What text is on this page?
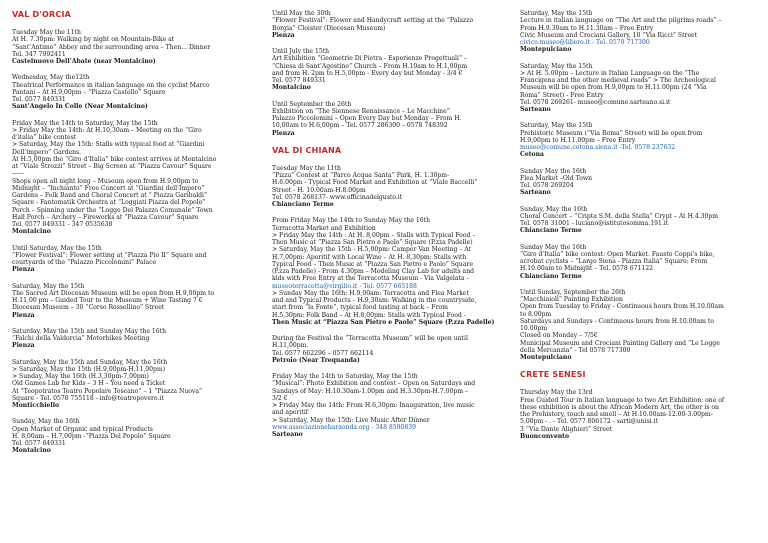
VAL D'ORCIA
Tuesday May the 11th
At H. 7.30pm: Walking by night on Mountain-Bike at
“Sant’Antimo” Abbey and the surrounding area – Then... Dinner
Tel. 347 7992411
Castelnuovo Dell’Abate (near Montalcino)
Wednesday, May the12th
Theatrical Performance in italian language on the cyclist Marco
Pantani – At H.9,00pm – “Piazza Castello” Square
Tel. 0577 849331
Sant’Angelo In Colle (Near Montalcino)
Friday May the 14th to Saturday, May the 15th
> Friday May the 14th: At H.10,30am – Meeting on the “Giro
d’italia” bike contest
> Saturday, May the 15th: Stalls with typical food at “Giardini
Dell’impero” Gardens.
At H.5,00pm the “Giro d’Italia” bike contest arrives at Montalcino
at “Viale Strozzi” Street – Big Screen at “Piazza Cavour” Square
------
Shops open all night long – Museum open from H.9,00pm to
Midnight – “Inchianto” Free Concert at “Giardini dell’Impero”
Gardens – Folk Band and Choral Concert at “ Piazza Garibaldi”
Square - Fantomatik Orchestra at “Loggiati Piazza del Popolo”
Porch – Spinning under the “Logge Del Palazzo Comunale” Town
Hall Porch – Archery – Fireworks at “Piazza Cavour” Square
Tel. 0577 849331 - 347 0535638
Montalcino
Until Saturday, May the 15th
“Flower Festival”: Flower setting at “Piazza Pio II” Square and
courtyards of the “Palazzo Piccolomini” Palace
Pienza
Saturday, May the 15th
The Sacred Art Diocesan Museum will be open from H.9,00pm to
H.11,00 pm – Guided Tour to the Museum + Wine Tasting 7 €
Diocesan Museum – 30 “Corso Rossellino” Street
Pienza
Saturday, May the 15th and Sunday May the 16th
“Falchi della Valdorcia” Motorbikes Meeting
Pienza
Saturday, May the 15th and Sunday, May the 16th
> Saturday, May the 15th (H.9,00pm-H.11,00pm)
> Sunday, May the 16th (H.3,30pm-7,00pm)
Old Games Lab for Kids – 3 H – You need a Ticket
At “Teopotratos Teatro Popolare Toscano” – 1 “Piazza Nuova”
Square - Tel. 0578 755118 - info@teatropovero.it
Monticchiello
Sunday, May the 16th
Open Market of Organic and typical Products
H. 8,00am – H.7,00pm -“Piazza Del Popolo” Square
Tel. 0577 849331
Montalcino
Until May the 30th
“Flower Festival”: Flower and Handycraft setting at the “Palazzo
Borgia” Cloister (Diocesan Museum)
Pienza
Until July the 15th
Art Exhibition “Geometrie Di Pietra - Esperienze Progettuali” –
“Chiesa di Sant’Agostino” Church – From H.10am to H.1,00pm
and from H. 2pm to H.5,00pm - Every day but Monday - 3/4 €
Tel. 0577 849331
Montalcino
Until September the 26th
Exhibition on “The Siennese Renaissance – Le Macchine”
Palazzo Piccolomini – Open Every Day but Monday – From H.
10,00am to H.6,00pm – Tel. 0577 286300 – 0578 748392
Pienza
VAL DI CHIANA
Tuesday May the 11th
“Pizza” Contest at “Parco Acqua Santa” Park, H. 1.30pm-
H.6.00pm - Typical Food Market and Exhibition at “Viale Baccelli”
Street - H. 10.00am-H.8.00pm
Tel. 0578 268137- www.officinadelgusto.it
Chianciano Terme
From Friday May the 14th to Sunday May the 16th
Terracotta Market and Exhibition
> Friday May the 14th : At H. 8,00pm – Stalls with Typical Food –
Then Music at “Piazza San Pietro e Paolo” Square (P.zza Padelle)
> Saturday, May the 15th - H.5,00pm: Camper Van Meeting – At
H.7,00pm: Aperitif with Local Wine – At H. 8,30pm: Stalls with
Typical Food – Then Music at “Piazza San Pietro e Paolo” Square
(P.zza Padelle) - From 4.30pm – Modeling Clay Lab for adults and
kids with Free Entry at the Terracotta Museum - Via Valgelata -
museoterracotta@virgilio.it - Tel. 0577 665188
> Sunday May the 16th: H.9,00am: Terracotta and Flea Market
and and Typical Products – H.9,30am: Walking in the countryside,
start from “la Fonte”, typical food tasting at back – From
H.5,30pm: Folk Band – At H.8,00pm: Stalls with Typical Food -
Then Music at “Piazza San Pietro e Paolo” Square (P.zza Padelle)
During the Festival the “Terracotta Museum” will be open until
H.11,00pm.
Tel. 0577 662296 – 0577 662114
Petroio (Near Trequanda)
Friday May the 14th to Saturday, May the 15th
“Musical”: Photo Exhibition and contest – Open on Saturdays and
Sundays of May: H.10.30am-1.00pm and H.3.30pm-H.7.00pm –
3/2 €
> Friday May the 14th: From H.6,30pm: Inauguration, live music
and aperitif
> Saturday, May the 15th: Live Music After Dinner
www.associazionebaraonda.org - 348 8590839
Sarteano
Saturday, May the 15th
Lecture in italian language on “The Art and the pilgrims roads” –
From H.9.30am to H.11.30am – Free Entry
Civic Museum and Crociani Gallery, 10 “Via Ricci” Street
civico.museo@libero.it - Tel. 0578 717300
Montepulciano
Saturday, May the 15th
> At H. 5.00pm – Lecture in Italian Language on the “The
Francigena and the other medieval roads” > The Archeological
Museum will be open from H.9,00pm to H.11.00pm (24 “Via
Roma” Street) - Free Entry
Tel. 0578 269261- museo@comune.sarteano.si.it
Sarteano
Saturday, May the 15th
Prehistoric Museum (“Via Roma” Street) will be open from
H.9,00pm to H.11.00pm – Free Entry
museo@comune.cetona.siena.it -Tel. 0578 237632
Cetona
Sunday May the 16th
Flea Market –Old Town
Tel. 0578 269204
Sarteano
Sunday, May the 16th
Choral Concert – “Cripta S.M. della Stella” Crypt – At H.4.30pm
Tel. 0578 31001 - luciano@istitutosomma.191.it
Chianciano Terme
Sunday May the 16th
“Giro d’Italia” bike contest: Open Market. Fausto Coppi’s bike,
acrobat cyclists – “Largo Siena - Piazza Italia” Square: From
H.10.00am to Midnight – Tel. 0578 671122
Chianciano Terme
Until Sunday, September the 26th
“Macchiaioli” Painting Exhibition
Open from Tuesday to Friday - Continuous hours from H.10.00am
to 8.00pm
Saturdays and Sundays - Continuous hours from H.10.00am to
10.00pm
Closed on Monday – 7/5€
Municipal Museum and Crociani Painting Gallery and “Le Logge
della Mercanzia” - Tel 0578 717300
Montepulciano
CRETE SENESI
Thursday May the 13rd
Free Guided Tour in Italian language to two Art Exhibition: one of
these exhibition is about the African Modern Art, the other is on
the Prehistory, touch and smell – At H.10.00am-12.00-3.00pm-
5.00pm - . - Tel. 0577 806172 - sarti@unisi.it
3 “Via Dante Alighieri” Street
Buonconvento
